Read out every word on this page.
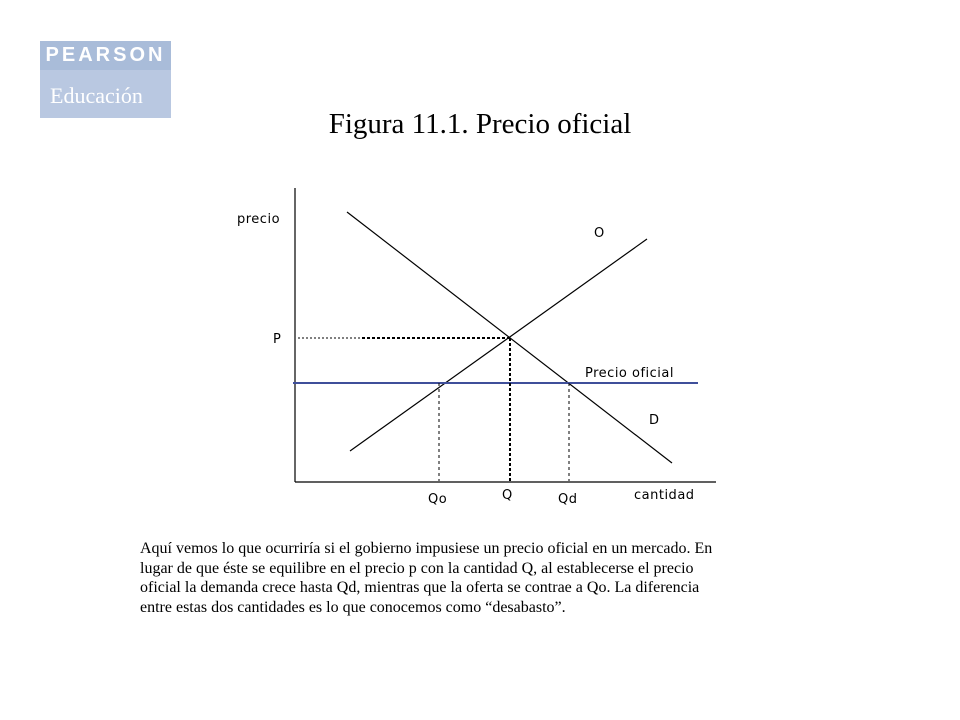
PEARSON
Educación
Figura 11.1. Precio oficial
precio
O
P
Precio oficial
D
Qo	Q	Qd	cantidad

Aquí vemos lo que ocurriría si el gobierno impusiese un precio oficial en un mercado. En

lugar de que éste se equilibre en el precio p con la cantidad Q, al establecerse el precio

oficial la demanda crece hasta Qd, mientras que la oferta se contrae a Qo. La diferencia

entre estas dos cantidades es lo que conocemos como “desabasto”.
